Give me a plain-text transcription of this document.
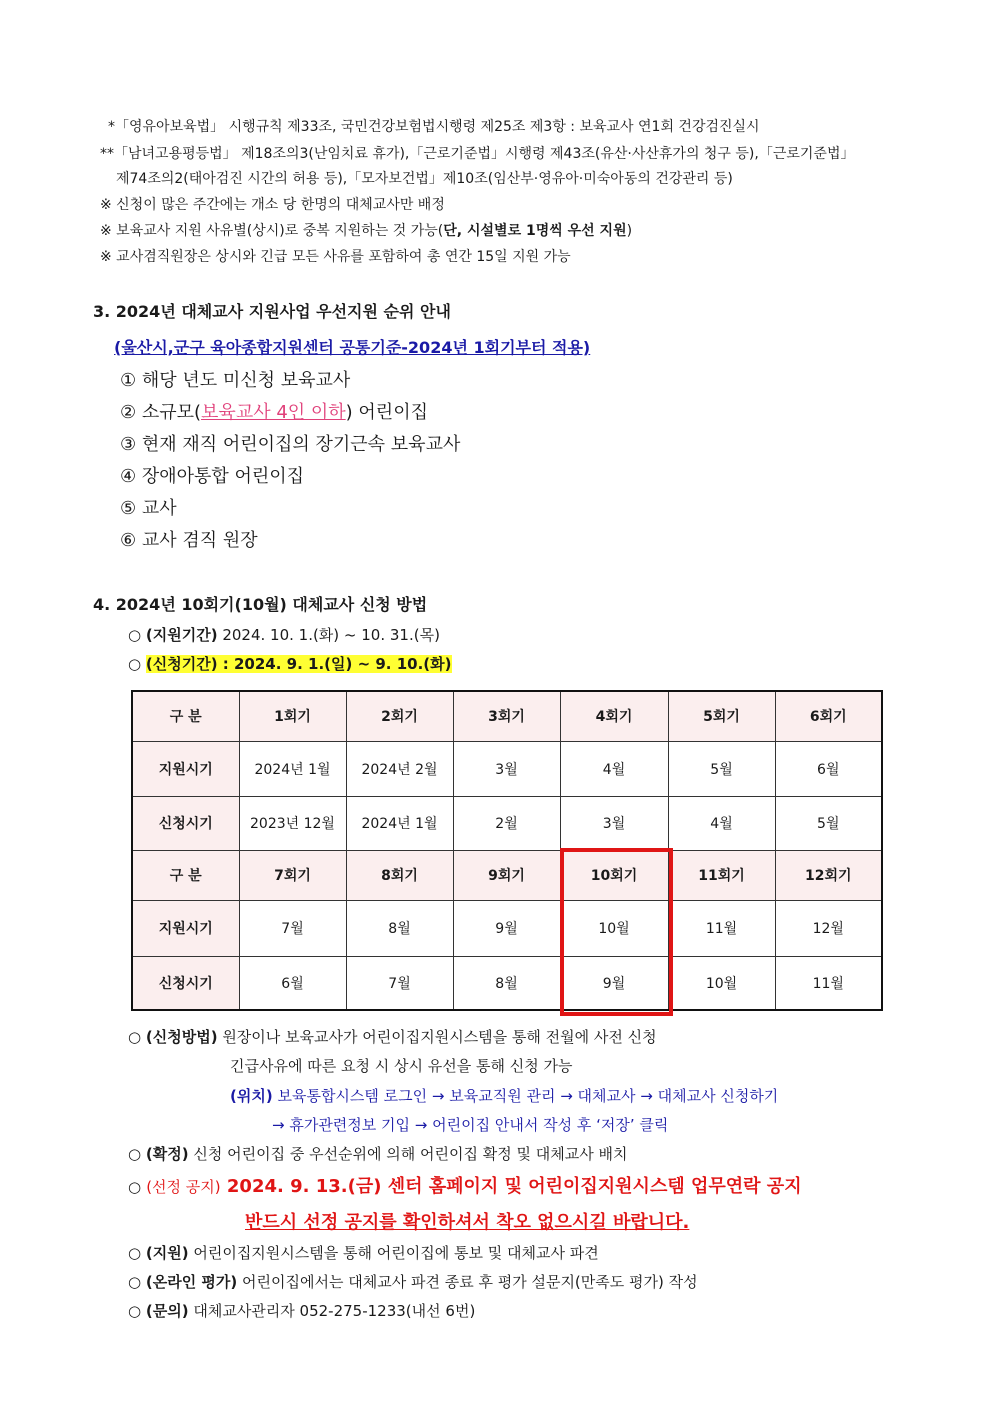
*「영유아보육법」 시행규칙 제33조, 국민건강보험법시행령 제25조 제3항 : 보육교사 연1회 건강검진실시
**「남녀고용평등법」 제18조의3(난임치료 휴가),「근로기준법」시행령 제43조(유산·사산휴가의 청구 등),「근로기준법」
제74조의2(태아검진 시간의 허용 등),「모자보건법」제10조(임산부·영유아·미숙아동의 건강관리 등)
※ 신청이 많은 주간에는 개소 당 한명의 대체교사만 배정
※ 보육교사 지원 사유별(상시)로 중복 지원하는 것 가능(단, 시설별로 1명씩 우선 지원)
※ 교사겸직원장은 상시와 긴급 모든 사유를 포함하여 총 연간 15일 지원 가능
3. 2024년 대체교사 지원사업 우선지원 순위 안내
(울산시,군구 육아종합지원센터 공통기준-2024년 1회기부터 적용)
① 해당 년도 미신청 보육교사
② 소규모(보육교사 4인 이하) 어린이집
③ 현재 재직 어린이집의 장기근속 보육교사
④ 장애아통합 어린이집
⑤ 교사
⑥ 교사 겸직 원장
4. 2024년 10회기(10월) 대체교사 신청 방법
○ (지원기간) 2024. 10. 1.(화) ~ 10. 31.(목)
○ (신청기간) : 2024. 9. 1.(일) ~ 9. 10.(화)
구 분	1회기	2회기	3회기	4회기	5회기	6회기
지원시기	2024년 1월	2024년 2월	3월	4월	5월	6월
신청시기	2023년 12월	2024년 1월	2월	3월	4월	5월
구 분	7회기	8회기	9회기	10회기	11회기	12회기
지원시기	7월	8월	9월	10월	11월	12월
신청시기	6월	7월	8월	9월	10월	11월
○ (신청방법) 원장이나 보육교사가 어린이집지원시스템을 통해 전월에 사전 신청
긴급사유에 따른 요청 시 상시 유선을 통해 신청 가능
(위치) 보육통합시스템 로그인 → 보육교직원 관리 → 대체교사 → 대체교사 신청하기
→ 휴가관련정보 기입 → 어린이집 안내서 작성 후 ‘저장’ 클릭
○ (확정) 신청 어린이집 중 우선순위에 의해 어린이집 확정 및 대체교사 배치
○ (선정 공지) 2024. 9. 13.(금) 센터 홈페이지 및 어린이집지원시스템 업무연락 공지
반드시 선정 공지를 확인하셔서 착오 없으시길 바랍니다.
○ (지원) 어린이집지원시스템을 통해 어린이집에 통보 및 대체교사 파견
○ (온라인 평가) 어린이집에서는 대체교사 파견 종료 후 평가 설문지(만족도 평가) 작성
○ (문의) 대체교사관리자 052-275-1233(내선 6번)
